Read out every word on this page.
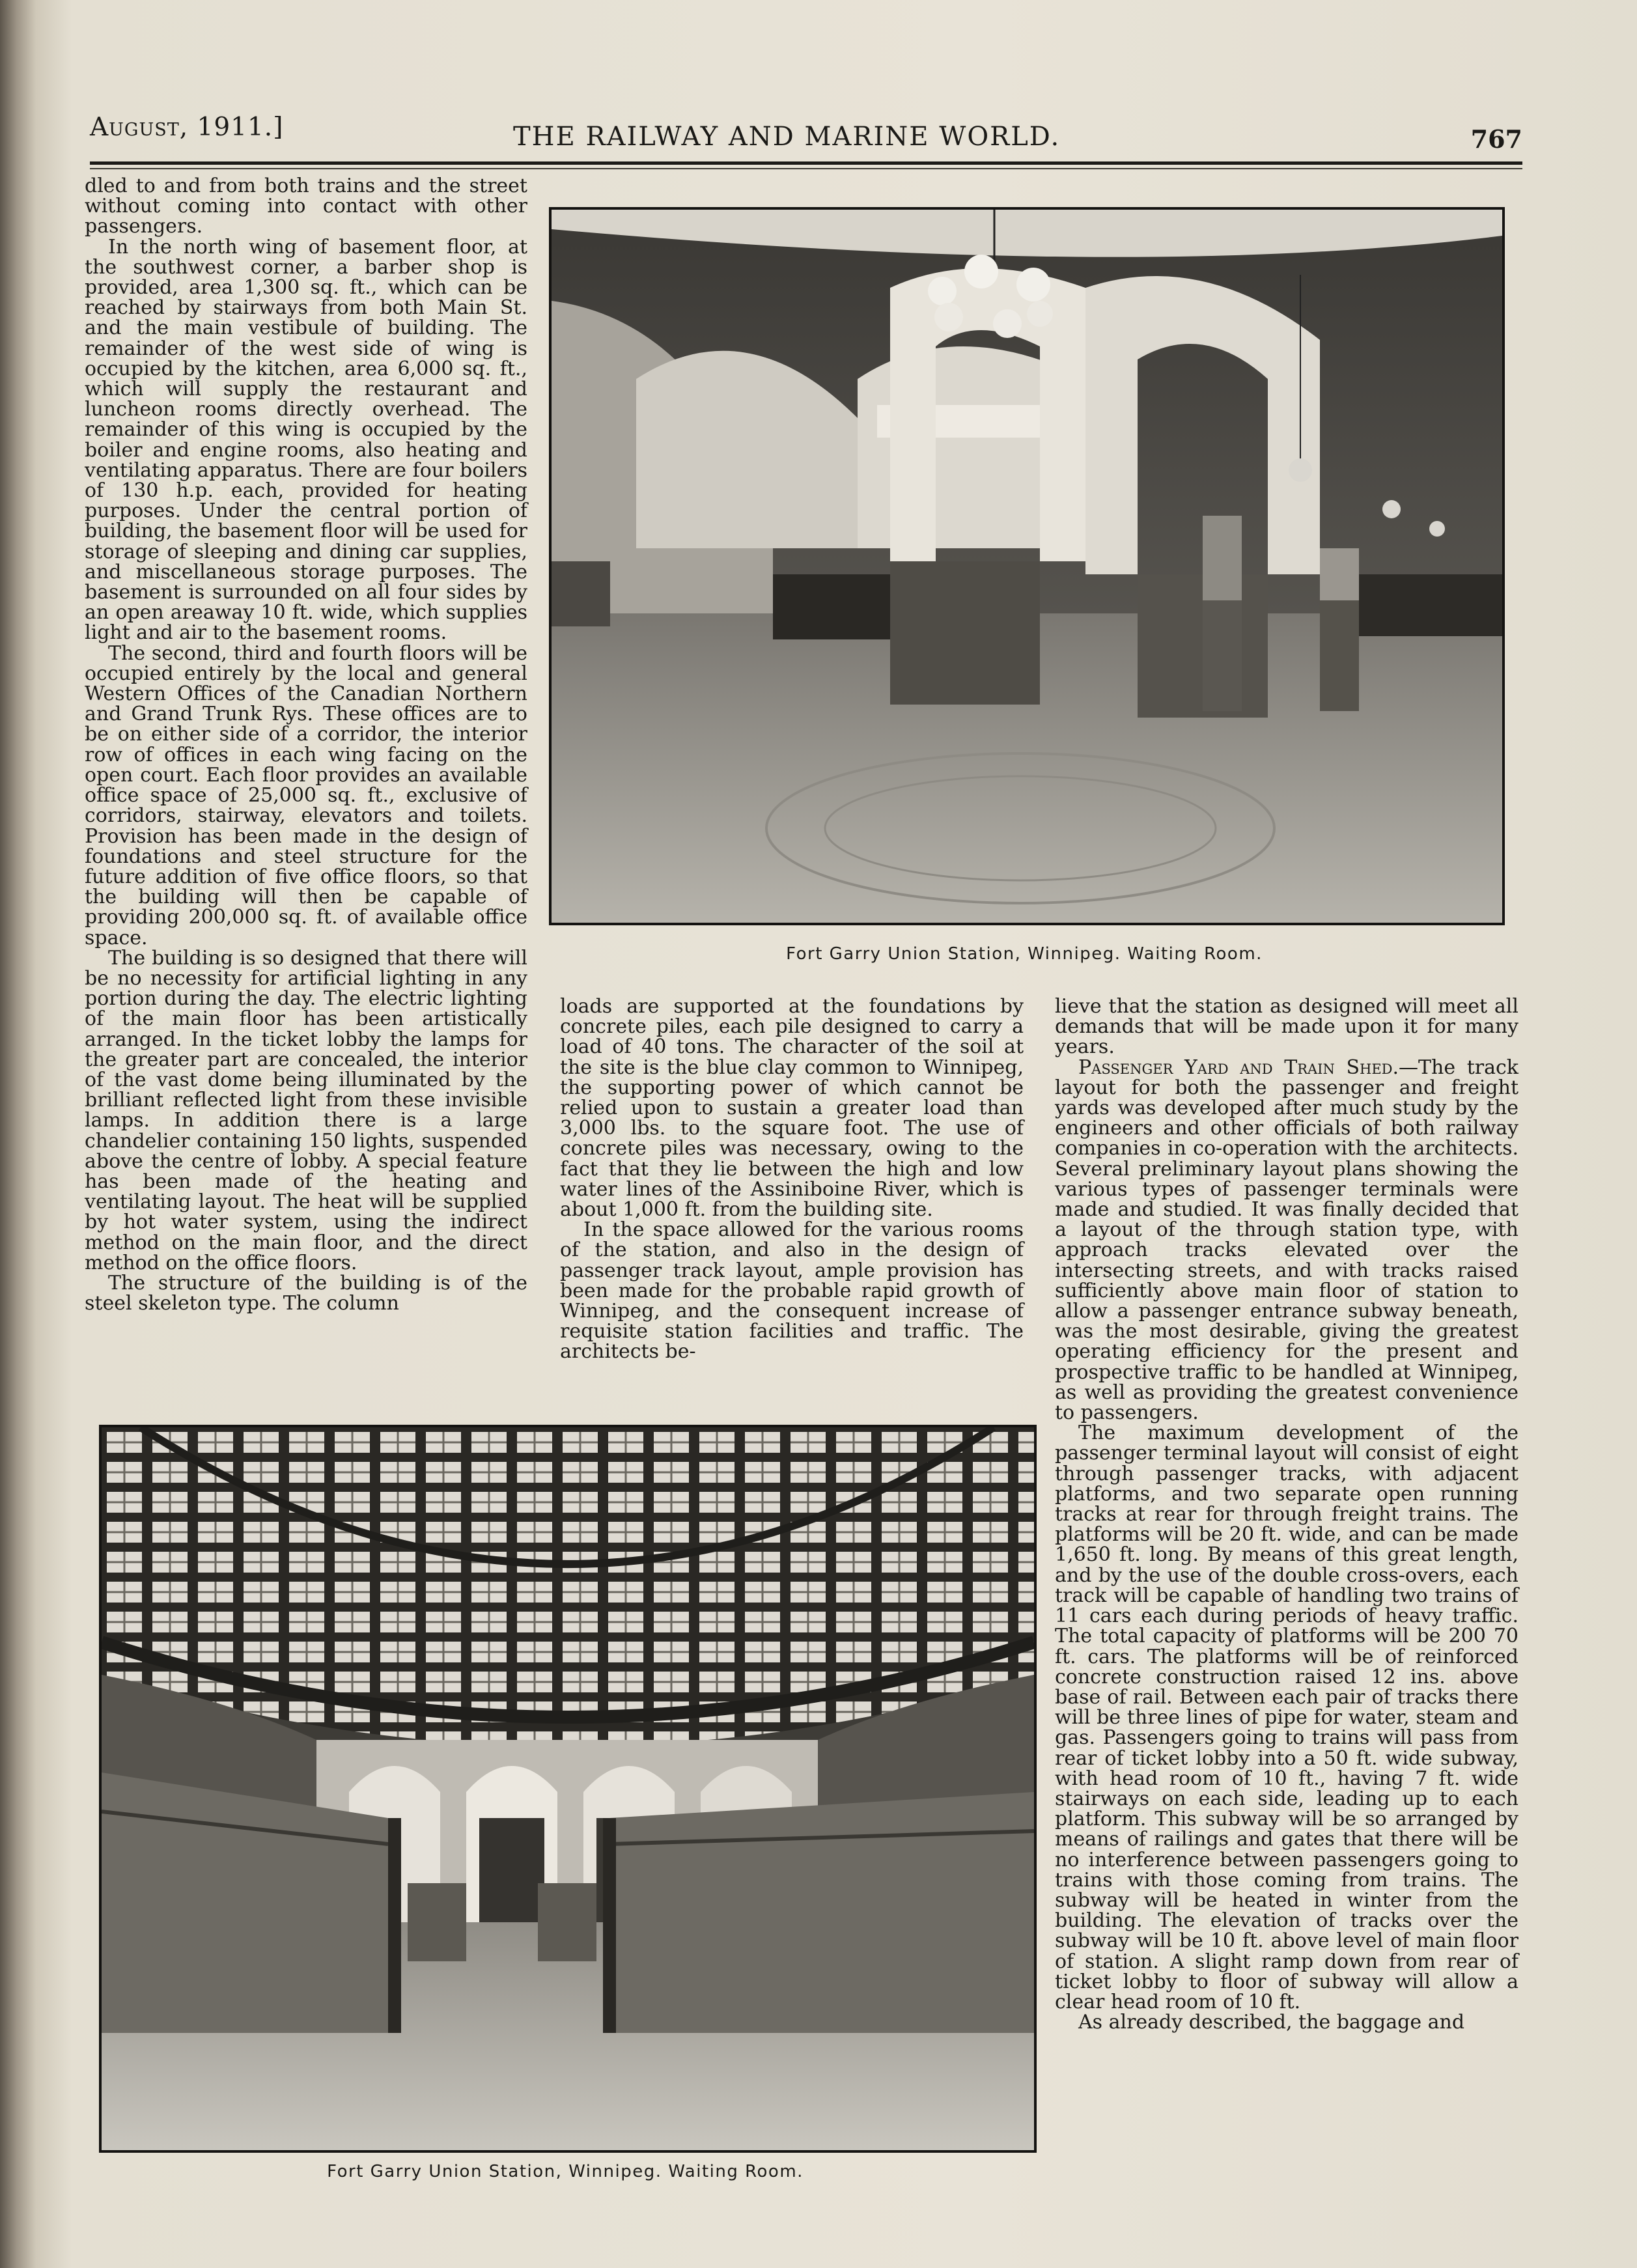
August, 1911.]	THE RAILWAY AND MARINE WORLD.	767

dled to and from both trains and the street without coming into contact with other passengers.

In the north wing of basement floor, at the southwest corner, a barber shop is provided, area 1,300 sq. ft., which can be reached by stairways from both Main St. and the main vestibule of building. The remainder of the west side of wing is occupied by the kitchen, area 6,000 sq. ft., which will supply the restaurant and luncheon rooms directly overhead. The remainder of this wing is occupied by the boiler and engine rooms, also heating and ventilating apparatus. There are four boilers of 130 h.p. each, provided for heating purposes. Under the central portion of building, the basement floor will be used for storage of sleeping and dining car supplies, and miscellaneous storage purposes. The basement is surrounded on all four sides by an open areaway 10 ft. wide, which supplies light and air to the basement rooms.

The second, third and fourth floors will be occupied entirely by the local and general Western Offices of the Canadian Northern and Grand Trunk Rys. These offices are to be on either side of a corridor, the interior row of offices in each wing facing on the open court. Each floor provides an available office space of 25,000 sq. ft., exclusive of corridors, stairway, elevators and toilets. Provision has been made in the design of foundations and steel structure for the future addition of five office floors, so that the building will then be capable of providing 200,000 sq. ft. of available office space.

The building is so designed that there will be no necessity for artificial lighting in any portion during the day. The electric lighting of the main floor has been artistically arranged. In the ticket lobby the lamps for the greater part are concealed, the interior of the vast dome being illuminated by the brilliant reflected light from these invisible lamps. In addition there is a large chandelier containing 150 lights, suspended above the centre of lobby. A special feature has been made of the heating and ventilating layout. The heat will be supplied by hot water system, using the indirect method on the main floor, and the direct method on the office floors.

The structure of the building is of the steel skeleton type. The column

Fort Garry Union Station, Winnipeg. Waiting Room.

loads are supported at the foundations by concrete piles, each pile designed to carry a load of 40 tons. The character of the soil at the site is the blue clay common to Winnipeg, the supporting power of which cannot be relied upon to sustain a greater load than 3,000 lbs. to the square foot. The use of concrete piles was necessary, owing to the fact that they lie between the high and low water lines of the Assiniboine River, which is about 1,000 ft. from the building site.

In the space allowed for the various rooms of the station, and also in the design of passenger track layout, ample provision has been made for the probable rapid growth of Winnipeg, and the consequent increase of requisite station facilities and traffic. The architects be-

lieve that the station as designed will meet all demands that will be made upon it for many years.

Passenger Yard and Train Shed.—The track layout for both the passenger and freight yards was developed after much study by the engineers and other officials of both railway companies in co-operation with the architects. Several preliminary layout plans showing the various types of passenger terminals were made and studied. It was finally decided that a layout of the through station type, with approach tracks elevated over the intersecting streets, and with tracks raised sufficiently above main floor of station to allow a passenger entrance subway beneath, was the most desirable, giving the greatest operating efficiency for the present and prospective traffic to be handled at Winnipeg, as well as providing the greatest convenience to passengers.

The maximum development of the passenger terminal layout will consist of eight through passenger tracks, with adjacent platforms, and two separate open running tracks at rear for through freight trains. The platforms will be 20 ft. wide, and can be made 1,650 ft. long. By means of this great length, and by the use of the double cross-overs, each track will be capable of handling two trains of 11 cars each during periods of heavy traffic. The total capacity of platforms will be 200 70 ft. cars. The platforms will be of reinforced concrete construction raised 12 ins. above base of rail. Between each pair of tracks there will be three lines of pipe for water, steam and gas. Passengers going to trains will pass from rear of ticket lobby into a 50 ft. wide subway, with head room of 10 ft., having 7 ft. wide stairways on each side, leading up to each platform. This subway will be so arranged by means of railings and gates that there will be no interference between passengers going to trains with those coming from trains. The subway will be heated in winter from the building. The elevation of tracks over the subway will be 10 ft. above level of main floor of station. A slight ramp down from rear of ticket lobby to floor of subway will allow a clear head room of 10 ft.

As already described, the baggage and

Fort Garry Union Station, Winnipeg. Waiting Room.
